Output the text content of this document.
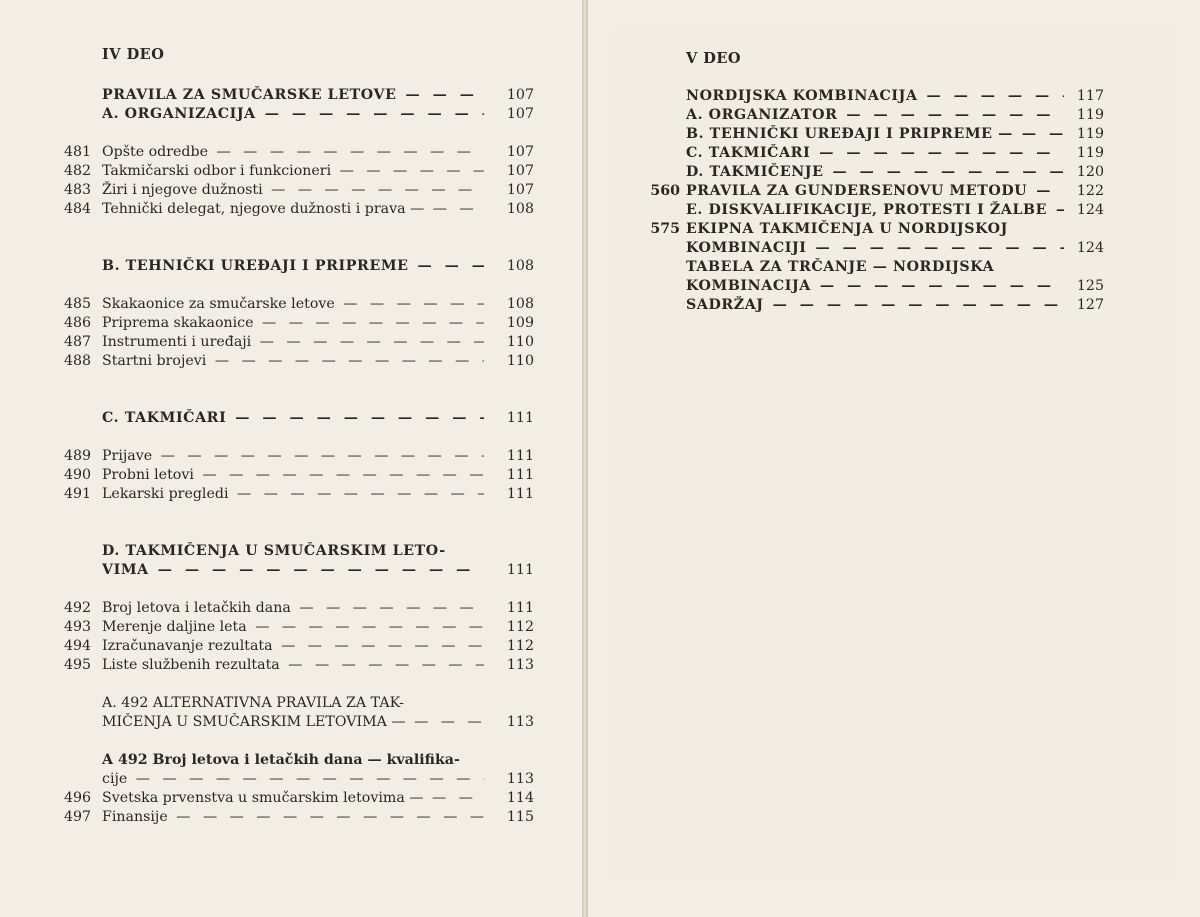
IV DEO
PRAVILA ZA SMUČARSKE LETOVE — — —	107
A. ORGANIZACIJA — — —	107
481 Opšte odredbe — — —	107
482 Takmičarski odbor i funkcioneri — — —	107
483 Žiri i njegove dužnosti — — —	107
484 Tehnički delegat, njegove dužnosti i prava — — — —	108
B. TEHNIČKI UREĐAJI I PRIPREME — — —	108
485 Skakaonice za smučarske letove — — —	108
486 Priprema skakaonice — — —	109
487 Instrumenti i uređaji — — —	110
488 Startni brojevi — — —	110
C. TAKMIČARI — — —	111
489 Prijave — — —	111
490 Probni letovi — — —	111
491 Lekarski pregledi — — —	111
D. TAKMIČENJA U SMUČARSKIM LETO-
VIMA — — —	111
492 Broj letova i letačkih dana — — —	111
493 Merenje daljine leta — — —	112
494 Izračunavanje rezultata — — —	112
495 Liste službenih rezultata — — —	113
A. 492 ALTERNATIVNA PRAVILA ZA TAK-
MIČENJA U SMUČARSKIM LETOVIMA — — — —	113
A 492 Broj letova i letačkih dana — kvalifika-
cije — — —	113
496 Svetska prvenstva u smučarskim letovima — — — —	114
497 Finansije — — —	115
V DEO
NORDIJSKA KOMBINACIJA — — —	117
A. ORGANIZATOR — — —	119
B. TEHNIČKI UREĐAJI I PRIPREME — — — —	119
C. TAKMIČARI — — —	119
D. TAKMIČENJE — — —	120
560 PRAVILA ZA GUNDERSENOVU METODU — — —	122
E. DISKVALIFIKACIJE, PROTESTI I ŽALBE — — —	124
575 EKIPNA TAKMIČENJA U NORDIJSKOJ
KOMBINACIJI — — —	124
TABELA ZA TRČANJE — NORDIJSKA
KOMBINACIJA — — —	125
SADRŽAJ — — —	127
